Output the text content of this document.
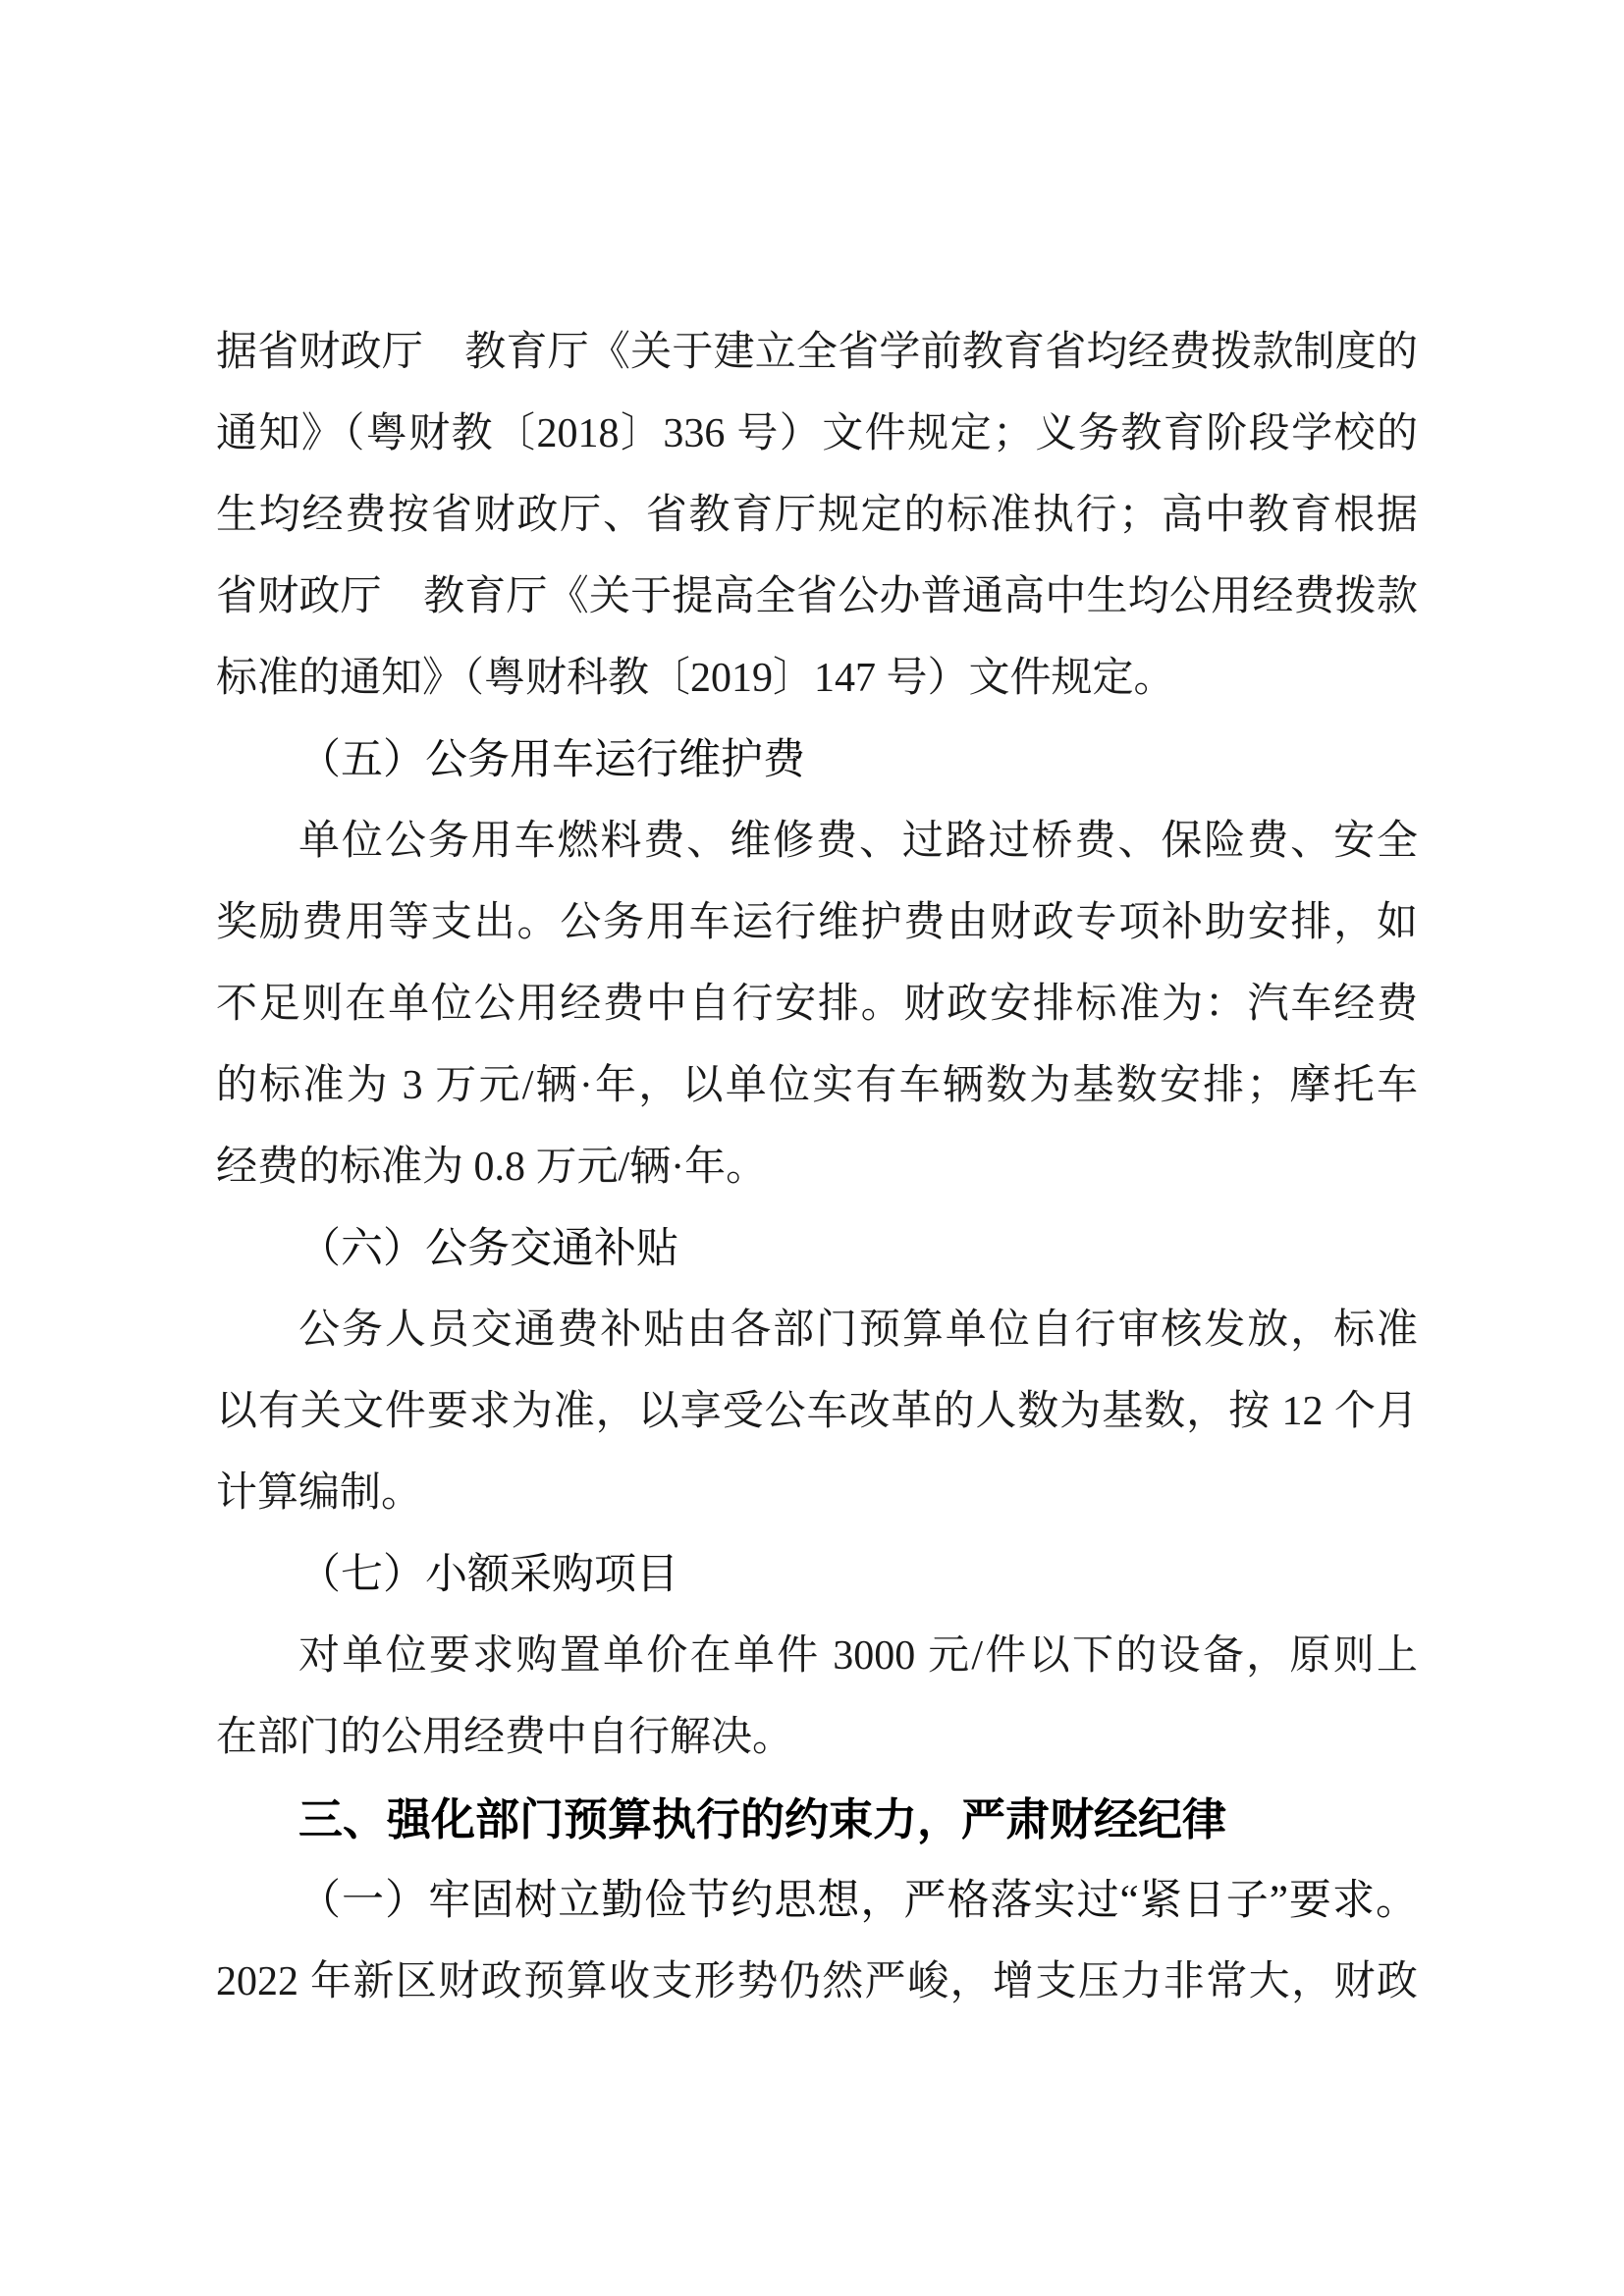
据省财政厅　教育厅《关于建立全省学前教育省均经费拨款制度的
通知》（粤财教〔2018〕336 号）文件规定；义务教育阶段学校的
生均经费按省财政厅、省教育厅规定的标准执行；高中教育根据
省财政厅　教育厅《关于提高全省公办普通高中生均公用经费拨款
标准的通知》（粤财科教〔2019〕147 号）文件规定。
（五）公务用车运行维护费
单位公务用车燃料费、维修费、过路过桥费、保险费、安全
奖励费用等支出。公务用车运行维护费由财政专项补助安排，如
不足则在单位公用经费中自行安排。财政安排标准为：汽车经费
的标准为 3 万元/辆·年，以单位实有车辆数为基数安排；摩托车
经费的标准为 0.8 万元/辆·年。
（六）公务交通补贴
公务人员交通费补贴由各部门预算单位自行审核发放，标准
以有关文件要求为准，以享受公车改革的人数为基数，按 12 个月
计算编制。
（七）小额采购项目
对单位要求购置单价在单件 3000 元/件以下的设备，原则上
在部门的公用经费中自行解决。
三、强化部门预算执行的约束力，严肃财经纪律
（一）牢固树立勤俭节约思想，严格落实过“紧日子”要求。
2022 年新区财政预算收支形势仍然严峻，增支压力非常大，财政
